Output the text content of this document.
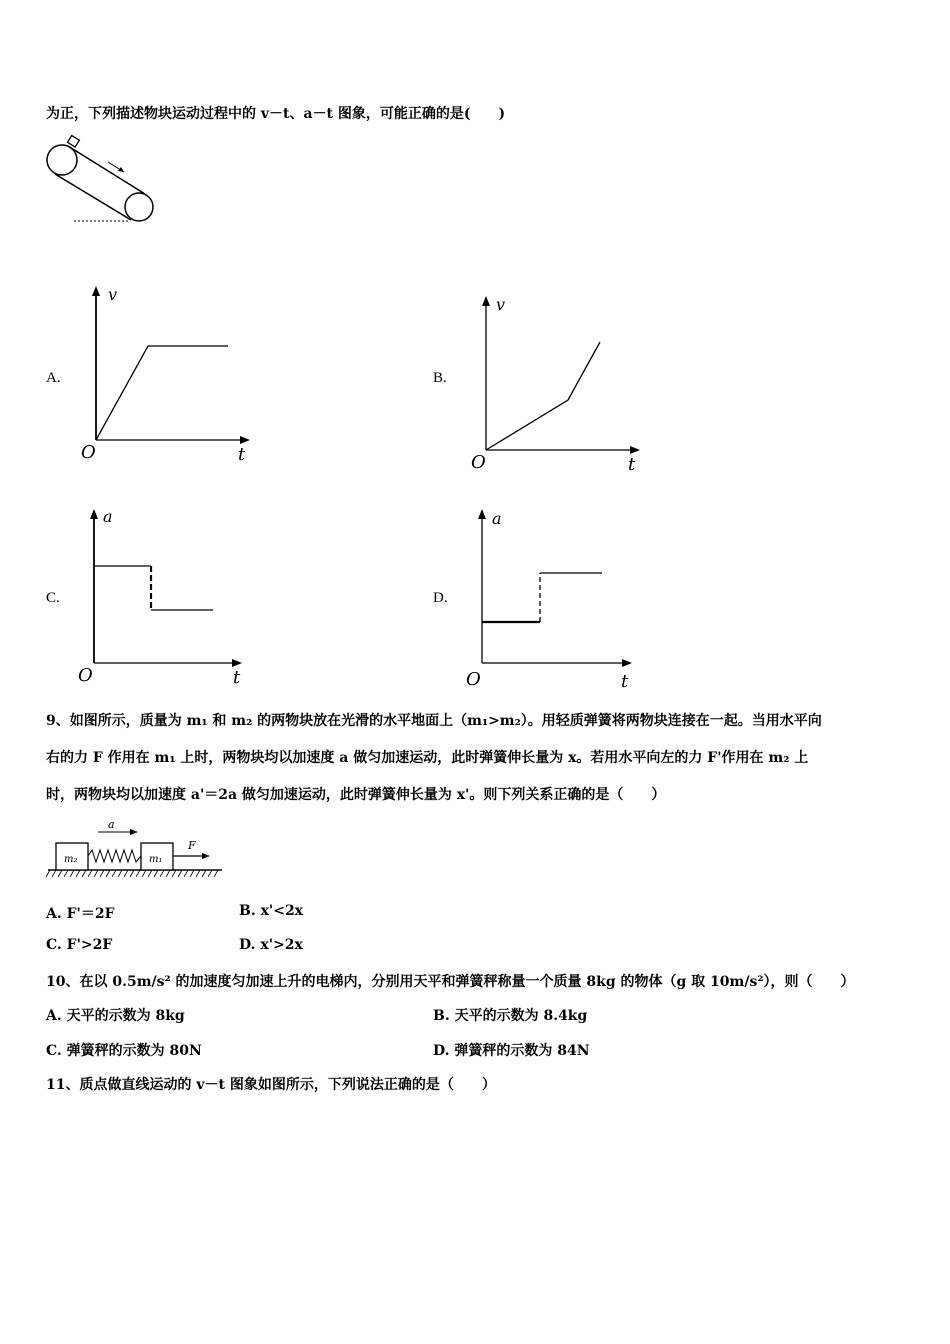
为正，下列描述物块运动过程中的 v－t、a－t 图象，可能正确的是(　　)
A.
v
O	t
B.
v
O	t
C.
a
O	t
D.
a
O	t
9、如图所示，质量为 m₁ 和 m₂ 的两物块放在光滑的水平地面上（m₁>m₂）。用轻质弹簧将两物块连接在一起。当用水平向
右的力 F 作用在 m₁ 上时，两物块均以加速度 a 做匀加速运动，此时弹簧伸长量为 x。若用水平向左的力 F'作用在 m₂ 上
时，两物块均以加速度 a'＝2a 做匀加速运动，此时弹簧伸长量为 x'。则下列关系正确的是（　　）
m₂	m₁
a
F
A. F'＝2F	B. x'<2x
C. F'>2F	D. x'>2x
10、在以 0.5m/s² 的加速度匀加速上升的电梯内，分别用天平和弹簧秤称量一个质量 8kg 的物体（g 取 10m/s²），则（　　）
A. 天平的示数为 8kg	B. 天平的示数为 8.4kg
C. 弹簧秤的示数为 80N	D. 弹簧秤的示数为 84N
11、质点做直线运动的 v－t 图象如图所示，下列说法正确的是（　　）
